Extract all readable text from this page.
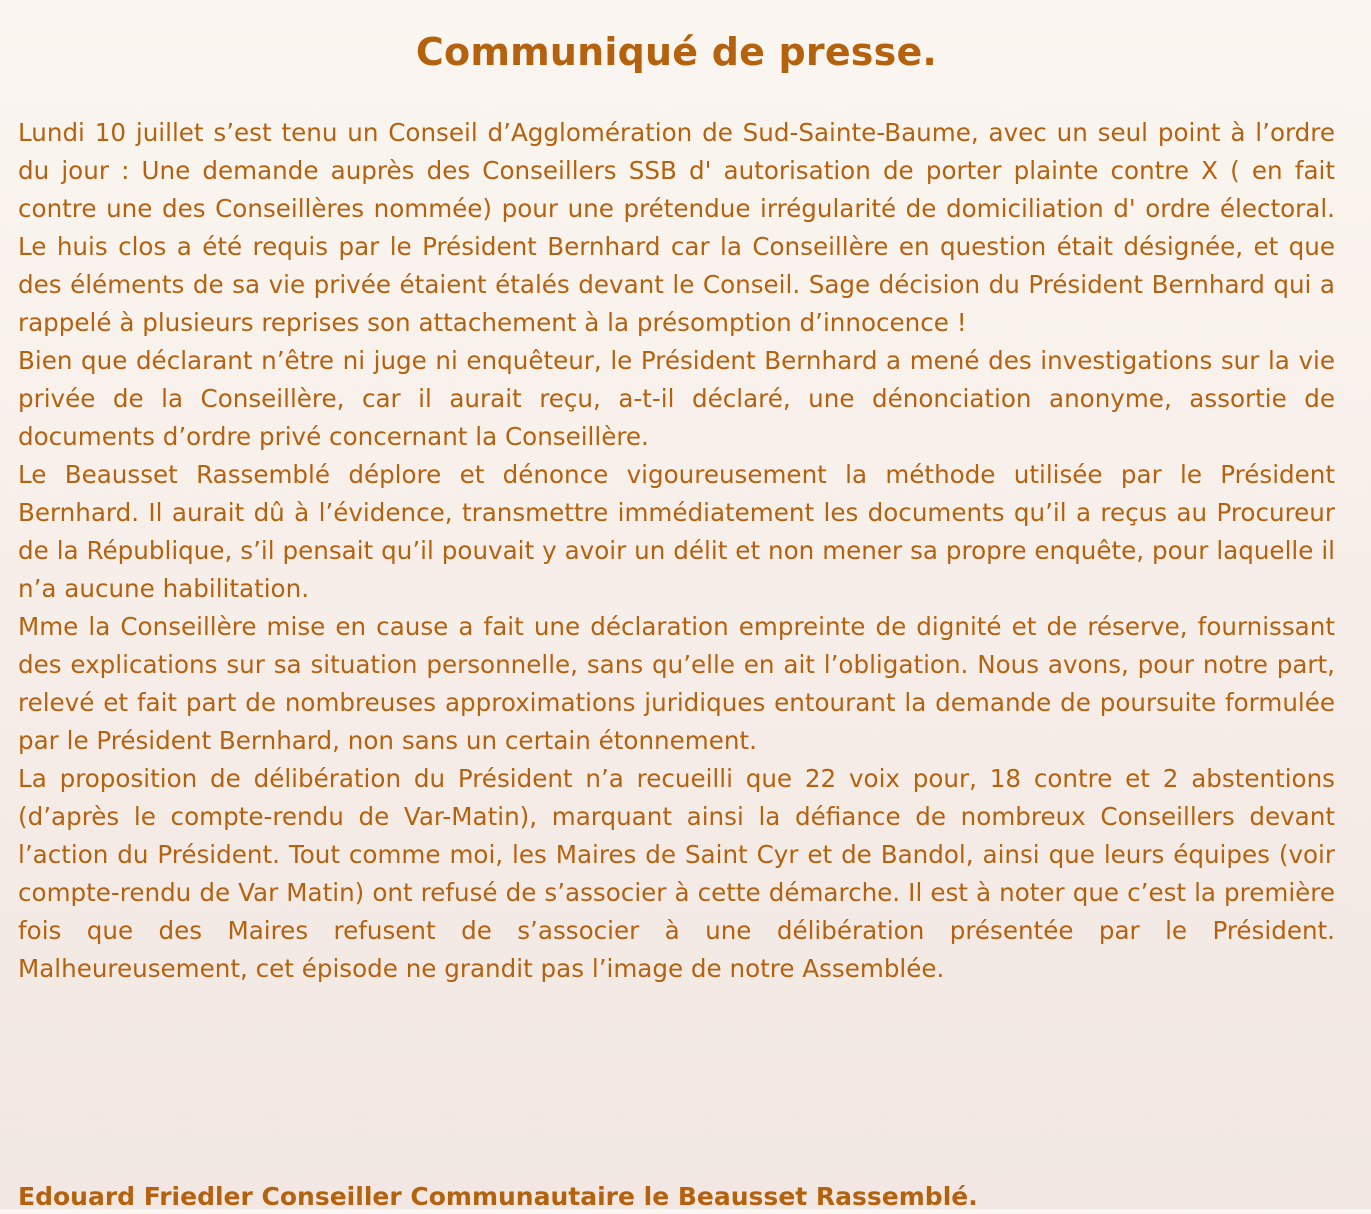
Communiqué de presse.

Lundi 10 juillet s’est tenu un Conseil d’Agglomération de Sud-Sainte-Baume, avec un seul point à l’ordre du jour : Une demande auprès des Conseillers SSB d' autorisation de porter plainte contre X ( en fait contre une des Conseillères nommée) pour une prétendue irrégularité de domiciliation d' ordre électoral. Le huis clos a été requis par le Président Bernhard car la Conseillère en question était désignée, et que des éléments de sa vie privée étaient étalés devant le Conseil. Sage décision du Président Bernhard qui a rappelé à plusieurs reprises son attachement à la présomption d’innocence !

Bien que déclarant n’être ni juge ni enquêteur, le Président Bernhard a mené des investigations sur la vie privée de la Conseillère, car il aurait reçu, a-t-il déclaré, une dénonciation anonyme, assortie de documents d’ordre privé concernant la Conseillère.

Le Beausset Rassemblé déplore et dénonce vigoureusement la méthode utilisée par le Président Bernhard. Il aurait dû à l’évidence, transmettre immédiatement les documents qu’il a reçus au Procureur de la République, s’il pensait qu’il pouvait y avoir un délit et non mener sa propre enquête, pour laquelle il n’a aucune habilitation.

Mme la Conseillère mise en cause a fait une déclaration empreinte de dignité et de réserve, fournissant des explications sur sa situation personnelle, sans qu’elle en ait l’obligation. Nous avons, pour notre part, relevé et fait part de nombreuses approximations juridiques entourant la demande de poursuite formulée par le Président Bernhard, non sans un certain étonnement.

La proposition de délibération du Président n’a recueilli que 22 voix pour, 18 contre et 2 abstentions (d’après le compte-rendu de Var-Matin), marquant ainsi la défiance de nombreux Conseillers devant l’action du Président. Tout comme moi, les Maires de Saint Cyr et de Bandol, ainsi que leurs équipes (voir compte-rendu de Var Matin) ont refusé de s’associer à cette démarche. Il est à noter que c’est la première fois que des Maires refusent de s’associer à une délibération présentée par le Président. Malheureusement, cet épisode ne grandit pas l’image de notre Assemblée.

Edouard Friedler Conseiller Communautaire le Beausset Rassemblé.
